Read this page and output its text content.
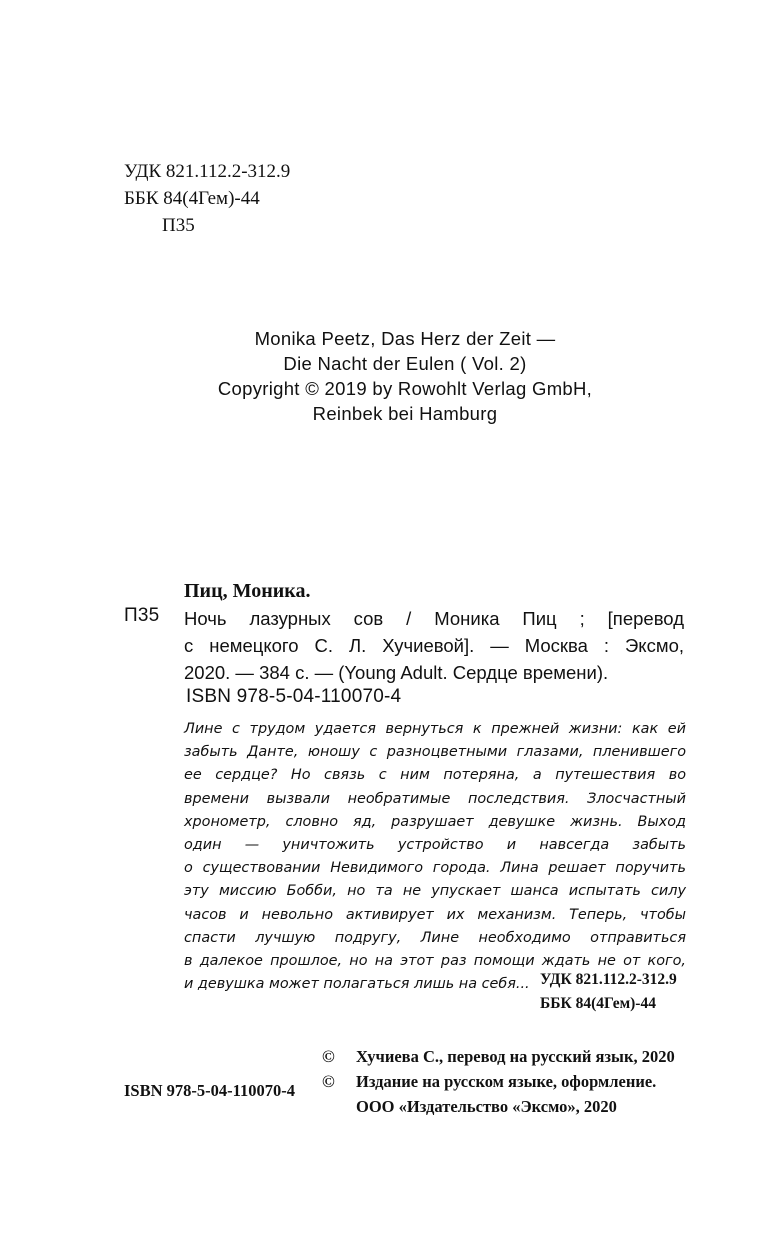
УДК 821.112.2-312.9
ББК 84(4Гем)-44
П35
Monika Peetz, Das Herz der Zeit —
Die Nacht der Eulen ( Vol. 2)
Copyright © 2019 by Rowohlt Verlag GmbH,
Reinbek bei Hamburg
Пиц, Моника.
П35 Ночь лазурных сов / Моника Пиц ; [перевод
с немецкого С. Л. Хучиевой]. — Москва : Эксмо,
2020. — 384 с. — (Young Adult. Сердце времени).
ISBN 978-5-04-110070-4
Лине с трудом удается вернуться к прежней жизни: как ей
забыть Данте, юношу с разноцветными глазами, пленившего
ее сердце? Но связь с ним потеряна, а путешествия во
времени вызвали необратимые последствия. Злосчастный
хронометр, словно яд, разрушает девушке жизнь. Выход
один — уничтожить устройство и навсегда забыть
о существовании Невидимого города. Лина решает поручить
эту миссию Бобби, но та не упускает шанса испытать силу
часов и невольно активирует их механизм. Теперь, чтобы
спасти лучшую подругу, Лине необходимо отправиться
в далекое прошлое, но на этот раз помощи ждать не от кого,
и девушка может полагаться лишь на себя... УДК 821.112.2-312.9
ББК 84(4Гем)-44
© Хучиева С., перевод на русский язык, 2020
© Издание на русском языке, оформление.
ООО «Издательство «Эксмо», 2020
ISBN 978-5-04-110070-4
